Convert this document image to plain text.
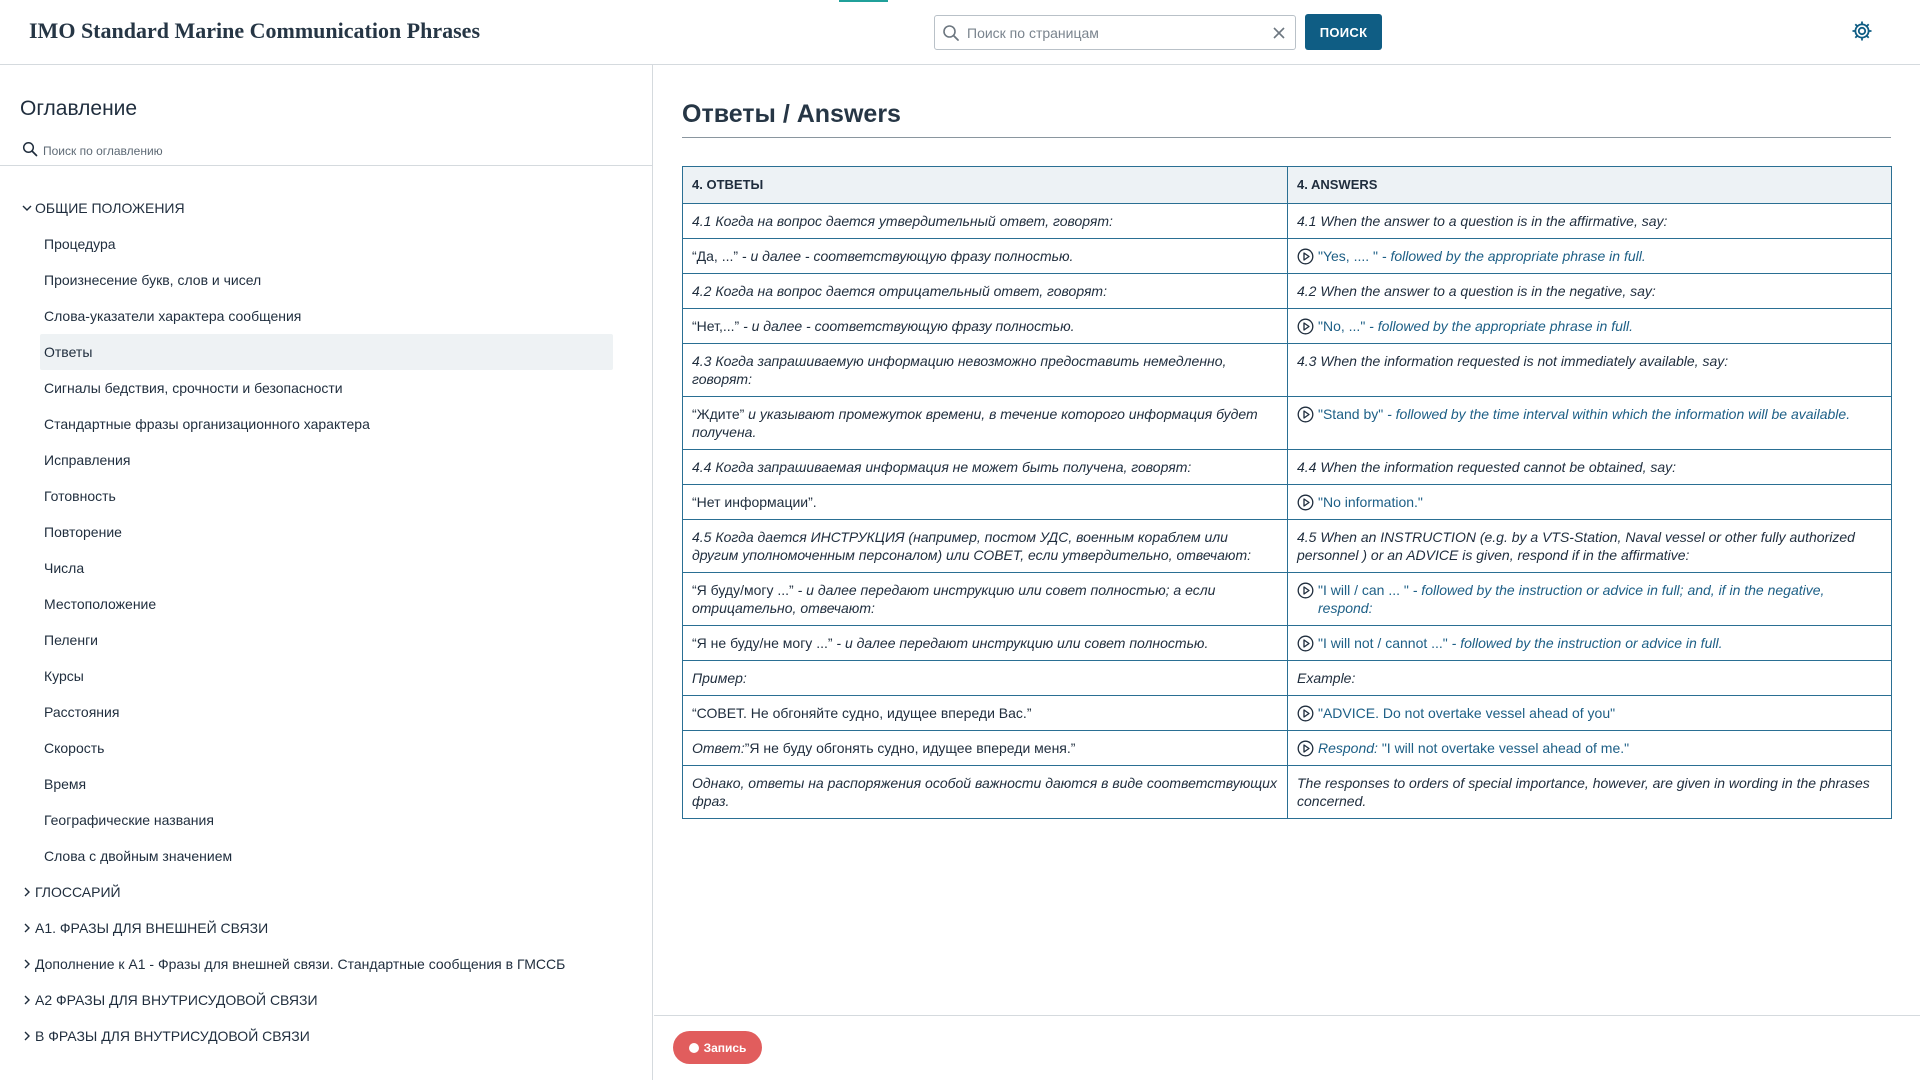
IMO Standard Marine Communication Phrases
Поиск по страницам	ПОИСК
Оглавление
Поиск по оглавлению
ОБЩИЕ ПОЛОЖЕНИЯ
Процедура
Произнесение букв, слов и чисел
Слова-указатели характера сообщения
Ответы
Сигналы бедствия, срочности и безопасности
Стандартные фразы организационного характера
Исправления
Готовность
Повторение
Числа
Местоположение
Пеленги
Курсы
Расстояния
Скорость
Время
Географические названия
Слова с двойным значением
ГЛОССАРИЙ
А1. ФРАЗЫ ДЛЯ ВНЕШНЕЙ СВЯЗИ
Дополнение к А1 - Фразы для внешней связи. Стандартные сообщения в ГМССБ
А2 ФРАЗЫ ДЛЯ ВНУТРИСУДОВОЙ СВЯЗИ
В ФРАЗЫ ДЛЯ ВНУТРИСУДОВОЙ СВЯЗИ
Ответы / Answers
4. ОТВЕТЫ	4. ANSWERS
4.1 Когда на вопрос дается утвердительный ответ, говорят:	4.1 When the answer to a question is in the affirmative, say:
“Да, ...” - и далее - соответствующую фразу полностью.	"Yes, .... " - followed by the appropriate phrase in full.

4.2 Когда на вопрос дается отрицательный ответ, говорят:	4.2 When the answer to a question is in the negative, say:
“Нет,...” - и далее - соответствующую фразу полностью.	"No, ..." - followed by the appropriate phrase in full.

4.3 Когда запрашиваемую информацию невозможно предоставить немедленно, говорят:	4.3 When the information requested is not immediately available, say:
“Ждите” и указывают промежуток времени, в течение которого информация будет получена.	"Stand by" - followed by the time interval within which the information will be available.

4.4 Когда запрашиваемая информация не может быть получена, говорят:	4.4 When the information requested cannot be obtained, say:
“Нет информации”.	"No information."

4.5 Когда дается ИНСТРУКЦИЯ (например, постом УДС, военным кораблем или другим уполномоченным персоналом) или СОВЕТ, если утвердительно, отвечают:	4.5 When an INSTRUCTION (e.g. by a VTS-Station, Naval vessel or other fully authorized personnel ) or an ADVICE is given, respond if in the affirmative:
“Я буду/могу ...” - и далее передают инструкцию или совет полностью; а если отрицательно, отвечают:	"I will / can ... " - followed by the instruction or advice in full; and, if in the negative, respond:

“Я не буду/не могу ...” - и далее передают инструкцию или совет полностью.	"I will not / cannot ..." - followed by the instruction or advice in full.

Пример:	Example:
“СОВЕТ. Не обгоняйте судно, идущее впереди Вас.”	"ADVICE. Do not overtake vessel ahead of you"

Ответ:”Я не буду обгонять судно, идущее впереди меня.”	Respond: "I will not overtake vessel ahead of me."

Однако, ответы на распоряжения особой важности даются в виде соответствующих фраз.	The responses to orders of special importance, however, are given in wording in the phrases concerned.
Запись
